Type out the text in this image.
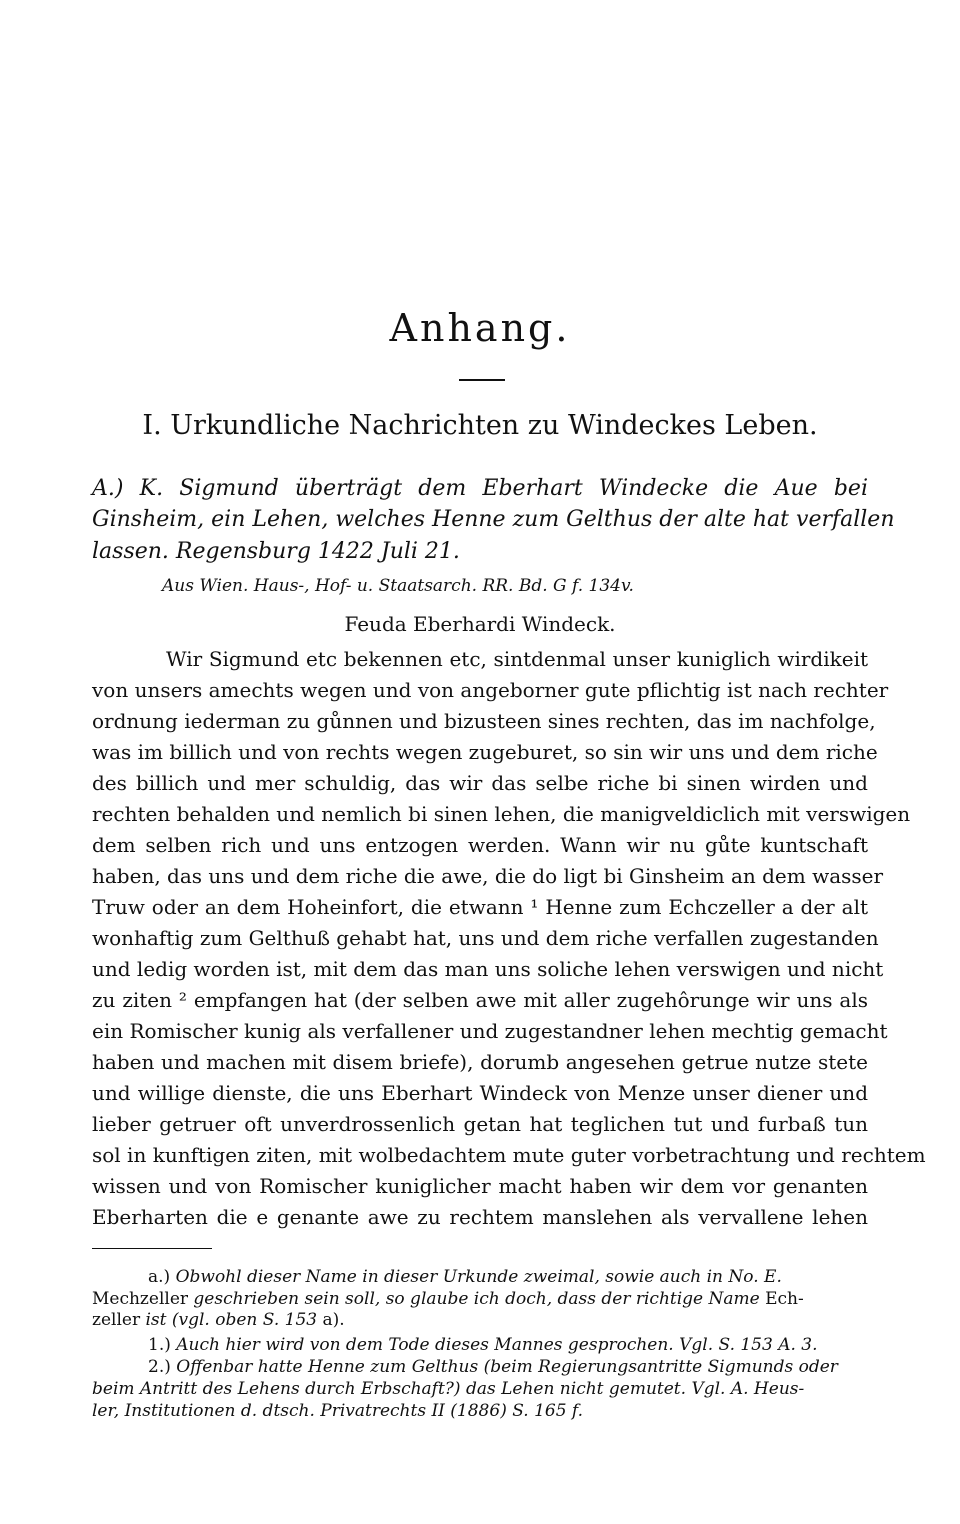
Anhang.
I. Urkundliche Nachrichten zu Windeckes Leben.
A.) K. Sigmund überträgt dem Eberhart Windecke die Aue bei
Ginsheim, ein Lehen, welches Henne zum Gelthus der alte hat verfallen
lassen. Regensburg 1422 Juli 21.
Aus Wien. Haus-, Hof- u. Staatsarch. RR. Bd. G f. 134v.
Feuda Eberhardi Windeck.
Wir Sigmund etc bekennen etc, sintdenmal unser kuniglich wirdikeit
von unsers amechts wegen und von angeborner gute pflichtig ist nach rechter
ordnung iederman zu gůnnen und bizusteen sines rechten, das im nachfolge,
was im billich und von rechts wegen zugeburet, so sin wir uns und dem riche
des billich und mer schuldig, das wir das selbe riche bi sinen wirden und
rechten behalden und nemlich bi sinen lehen, die manigveldiclich mit verswigen
dem selben rich und uns entzogen werden. Wann wir nu gůte kuntschaft
haben, das uns und dem riche die awe, die do ligt bi Ginsheim an dem wasser
Truw oder an dem Hoheinfort, die etwann ¹ Henne zum Echczeller a der alt
wonhaftig zum Gelthuß gehabt hat, uns und dem riche verfallen zugestanden
und ledig worden ist, mit dem das man uns soliche lehen verswigen und nicht
zu ziten ² empfangen hat (der selben awe mit aller zugehôrunge wir uns als
ein Romischer kunig als verfallener und zugestandner lehen mechtig gemacht
haben und machen mit disem briefe), dorumb angesehen getrue nutze stete
und willige dienste, die uns Eberhart Windeck von Menze unser diener und
lieber getruer oft unverdrossenlich getan hat teglichen tut und furbaß tun
sol in kunftigen ziten, mit wolbedachtem mute guter vorbetrachtung und rechtem
wissen und von Romischer kuniglicher macht haben wir dem vor genanten
Eberharten die e genante awe zu rechtem manslehen als vervallene lehen
a.) Obwohl dieser Name in dieser Urkunde zweimal, sowie auch in No. E.
Mechzeller geschrieben sein soll, so glaube ich doch, dass der richtige Name Ech-
zeller ist (vgl. oben S. 153 a).
1.) Auch hier wird von dem Tode dieses Mannes gesprochen. Vgl. S. 153 A. 3.
2.) Offenbar hatte Henne zum Gelthus (beim Regierungsantritte Sigmunds oder
beim Antritt des Lehens durch Erbschaft?) das Lehen nicht gemutet. Vgl. A. Heus-
ler, Institutionen d. dtsch. Privatrechts II (1886) S. 165 f.
